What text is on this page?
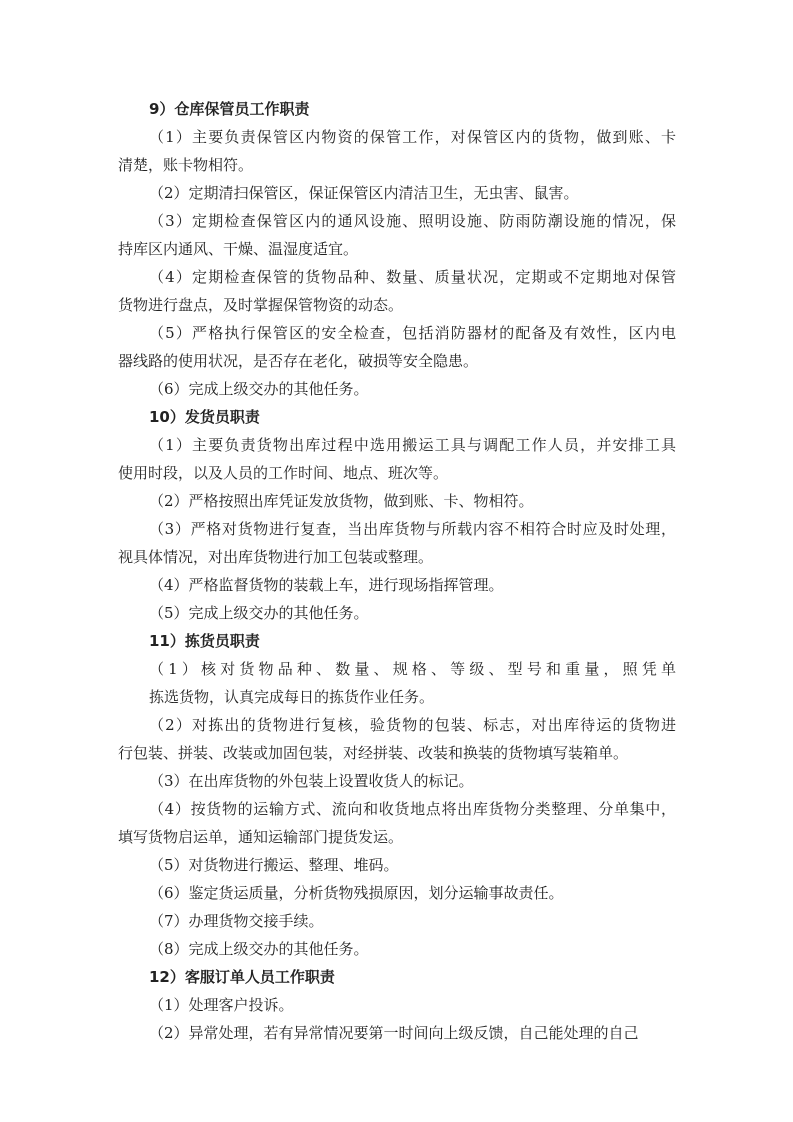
9）仓库保管员工作职责
（1）主要负责保管区内物资的保管工作，对保管区内的货物，做到账、卡
清楚，账卡物相符。
（2）定期清扫保管区，保证保管区内清洁卫生，无虫害、鼠害。
（3）定期检查保管区内的通风设施、照明设施、防雨防潮设施的情况，保
持库区内通风、干燥、温湿度适宜。
（4）定期检查保管的货物品种、数量、质量状况，定期或不定期地对保管
货物进行盘点，及时掌握保管物资的动态。
（5）严格执行保管区的安全检查，包括消防器材的配备及有效性，区内电
器线路的使用状况，是否存在老化，破损等安全隐患。
（6）完成上级交办的其他任务。
10）发货员职责
（1）主要负责货物出库过程中选用搬运工具与调配工作人员，并安排工具
使用时段，以及人员的工作时间、地点、班次等。
（2）严格按照出库凭证发放货物，做到账、卡、物相符。
（3）严格对货物进行复查，当出库货物与所载内容不相符合时应及时处理，
视具体情况，对出库货物进行加工包装或整理。
（4）严格监督货物的装载上车，进行现场指挥管理。
（5）完成上级交办的其他任务。
11）拣货员职责
（1）核对货物品种、数量、规格、等级、型号和重量，照凭单
拣选货物，认真完成每日的拣货作业任务。
（2）对拣出的货物进行复核，验货物的包装、标志，对出库待运的货物进
行包装、拼装、改装或加固包装，对经拼装、改装和换装的货物填写装箱单。
（3）在出库货物的外包装上设置收货人的标记。
（4）按货物的运输方式、流向和收货地点将出库货物分类整理、分单集中，
填写货物启运单，通知运输部门提货发运。
（5）对货物进行搬运、整理、堆码。
（6）鉴定货运质量，分析货物残损原因，划分运输事故责任。
（7）办理货物交接手续。
（8）完成上级交办的其他任务。
12）客服订单人员工作职责
（1）处理客户投诉。
（2）异常处理，若有异常情况要第一时间向上级反馈，自己能处理的自己
